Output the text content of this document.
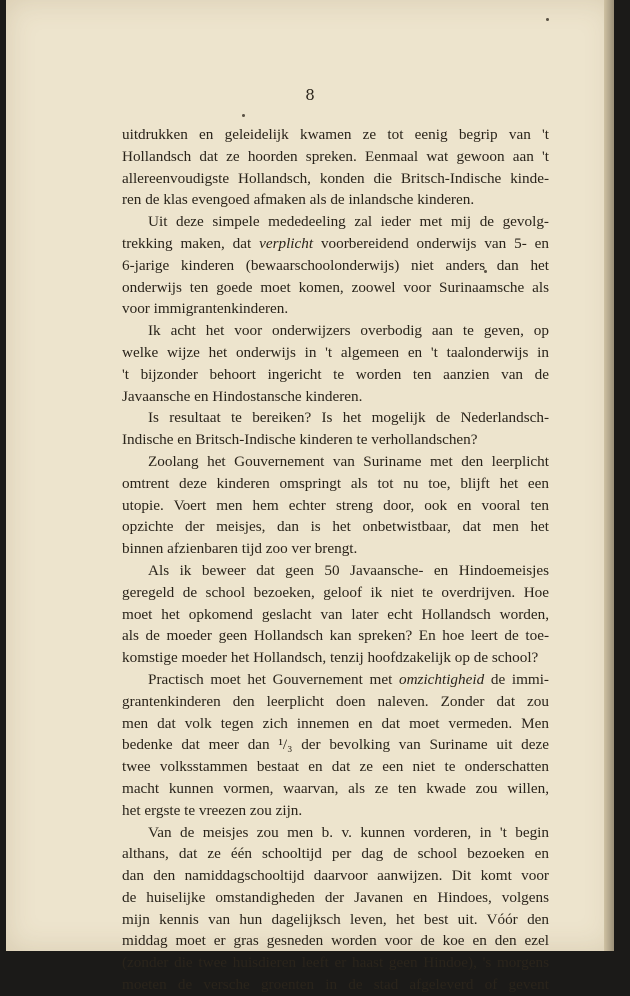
8
uitdrukken en geleidelijk kwamen ze tot eenig begrip van 't
Hollandsch dat ze hoorden spreken. Eenmaal wat gewoon aan 't
allereenvoudigste Hollandsch, konden die Britsch-Indische kinde-
ren de klas evengoed afmaken als de inlandsche kinderen.
Uit deze simpele mededeeling zal ieder met mij de gevolg-
trekking maken, dat verplicht voorbereidend onderwijs van 5- en
6-jarige kinderen (bewaarschoolonderwijs) niet anders dan het
onderwijs ten goede moet komen, zoowel voor Surinaamsche als
voor immigrantenkinderen.
Ik acht het voor onderwijzers overbodig aan te geven, op
welke wijze het onderwijs in 't algemeen en 't taalonderwijs in
't bijzonder behoort ingericht te worden ten aanzien van de
Javaansche en Hindostansche kinderen.
Is resultaat te bereiken? Is het mogelijk de Nederlandsch-
Indische en Britsch-Indische kinderen te verhollandschen?
Zoolang het Gouvernement van Suriname met den leerplicht
omtrent deze kinderen omspringt als tot nu toe, blijft het een
utopie. Voert men hem echter streng door, ook en vooral ten
opzichte der meisjes, dan is het onbetwistbaar, dat men het
binnen afzienbaren tijd zoo ver brengt.
Als ik beweer dat geen 50 Javaansche- en Hindoemeisjes
geregeld de school bezoeken, geloof ik niet te overdrijven. Hoe
moet het opkomend geslacht van later echt Hollandsch worden,
als de moeder geen Hollandsch kan spreken? En hoe leert de toe-
komstige moeder het Hollandsch, tenzij hoofdzakelijk op de school?
Practisch moet het Gouvernement met omzichtigheid de immi-
grantenkinderen den leerplicht doen naleven. Zonder dat zou
men dat volk tegen zich innemen en dat moet vermeden. Men
bedenke dat meer dan ¹/₃ der bevolking van Suriname uit deze
twee volksstammen bestaat en dat ze een niet te onderschatten
macht kunnen vormen, waarvan, als ze ten kwade zou willen,
het ergste te vreezen zou zijn.
Van de meisjes zou men b. v. kunnen vorderen, in 't begin
althans, dat ze één schooltijd per dag de school bezoeken en
dan den namiddagschooltijd daarvoor aanwijzen. Dit komt voor
de huiselijke omstandigheden der Javanen en Hindoes, volgens
mijn kennis van hun dagelijksch leven, het best uit. Vóór den
middag moet er gras gesneden worden voor de koe en den ezel
(zonder die twee huisdieren leeft er haast geen Hindoe), 's morgens
moeten de versche groenten in de stad afgeleverd of gevent
